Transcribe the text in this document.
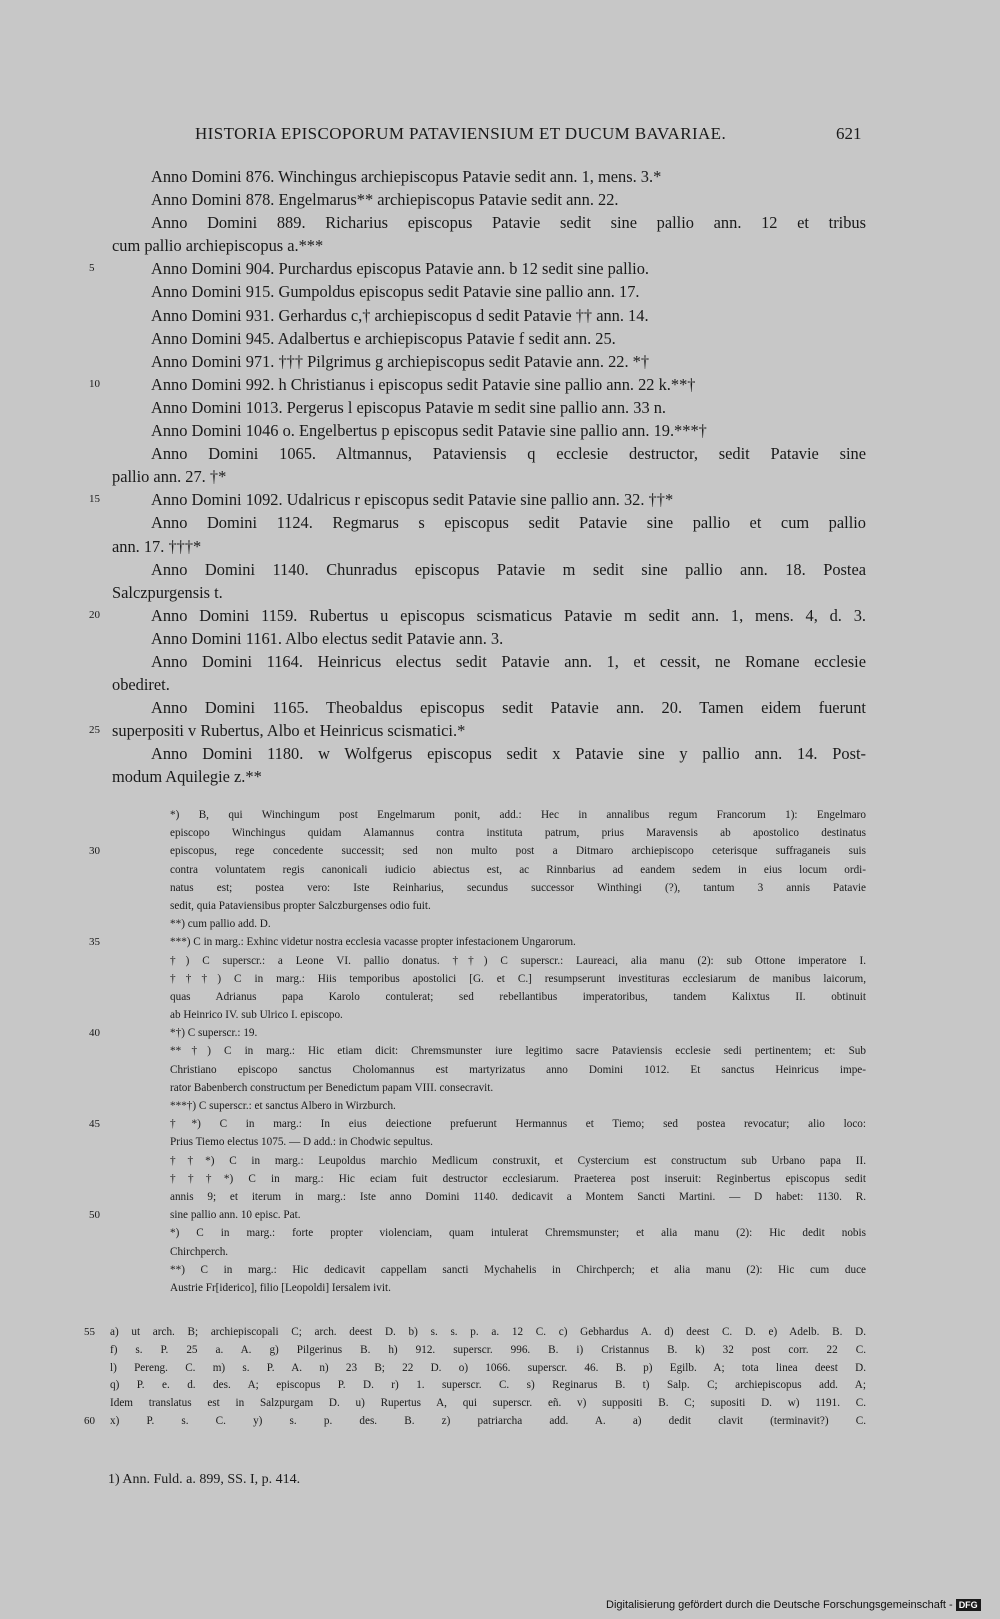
HISTORIA EPISCOPORUM PATAVIENSIUM ET DUCUM BAVARIAE.	621
Anno Domini 876. Winchingus archiepiscopus Patavie sedit ann. 1, mens. 3.*
Anno Domini 878. Engelmarus** archiepiscopus Patavie sedit ann. 22.
Anno Domini 889. Richarius episcopus Patavie sedit sine pallio ann. 12 et tribus
cum pallio archiepiscopus a.***
5	Anno Domini 904. Purchardus episcopus Patavie ann. b 12 sedit sine pallio.
Anno Domini 915. Gumpoldus episcopus sedit Patavie sine pallio ann. 17.
Anno Domini 931. Gerhardus c,† archiepiscopus d sedit Patavie †† ann. 14.
Anno Domini 945. Adalbertus e archiepiscopus Patavie f sedit ann. 25.
Anno Domini 971. ††† Pilgrimus g archiepiscopus sedit Patavie ann. 22. *†
10	Anno Domini 992. h Christianus i episcopus sedit Patavie sine pallio ann. 22 k.**†
Anno Domini 1013. Pergerus l episcopus Patavie m sedit sine pallio ann. 33 n.
Anno Domini 1046 o. Engelbertus p episcopus sedit Patavie sine pallio ann. 19.***†
Anno Domini 1065. Altmannus, Pataviensis q ecclesie destructor, sedit Patavie sine
pallio ann. 27. †*
15	Anno Domini 1092. Udalricus r episcopus sedit Patavie sine pallio ann. 32. ††*
Anno Domini 1124. Regmarus s episcopus sedit Patavie sine pallio et cum pallio
ann. 17. †††*
Anno Domini 1140. Chunradus episcopus Patavie m sedit sine pallio ann. 18. Postea
Salczpurgensis t.
20	Anno Domini 1159. Rubertus u episcopus scismaticus Patavie m sedit ann. 1, mens. 4, d. 3.
Anno Domini 1161. Albo electus sedit Patavie ann. 3.
Anno Domini 1164. Heinricus electus sedit Patavie ann. 1, et cessit, ne Romane ecclesie
obediret.
Anno Domini 1165. Theobaldus episcopus sedit Patavie ann. 20. Tamen eidem fuerunt
25 superpositi v Rubertus, Albo et Heinricus scismatici.*
Anno Domini 1180. w Wolfgerus episcopus sedit x Patavie sine y pallio ann. 14. Post-
modum Aquilegie z.**
*) B, qui Winchingum post Engelmarum ponit, add.: Hec in annalibus regum Francorum 1): Engelmaro
episcopo Winchingus quidam Alamannus contra instituta patrum, prius Maravensis ab apostolico destinatus
30	episcopus, rege concedente successit; sed non multo post a Ditmaro archiepiscopo ceterisque suffraganeis suis
contra voluntatem regis canonicali iudicio abiectus est, ac Rinnbarius ad eandem sedem in eius locum ordi-
natus est; postea vero: Iste Reinharius, secundus successor Winthingi (?), tantum 3 annis Patavie
sedit, quia Pataviensibus propter Salczburgenses odio fuit.
**) cum pallio add. D.
35	***) C in marg.: Exhinc videtur nostra ecclesia vacasse propter infestacionem Ungarorum.
†) C superscr.: a Leone VI. pallio donatus. ††) C superscr.: Laureaci, alia manu (2): sub Ottone imperatore I.
†††) C in marg.: Hiis temporibus apostolici [G. et C.] resumpserunt investituras ecclesiarum de manibus laicorum,
quas Adrianus papa Karolo contulerat; sed rebellantibus imperatoribus, tandem Kalixtus II. obtinuit
ab Heinrico IV. sub Ulrico I. episcopo.
40	*†) C superscr.: 19.
**†) C in marg.: Hic etiam dicit: Chremsmunster iure legitimo sacre Pataviensis ecclesie sedi pertinentem; et: Sub
Christiano episcopo sanctus Cholomannus est martyrizatus anno Domini 1012. Et sanctus Heinricus impe-
rator Babenberch constructum per Benedictum papam VIII. consecravit.
***†) C superscr.: et sanctus Albero in Wirzburch.
45	†*) C in marg.: In eius deiectione prefuerunt Hermannus et Tiemo; sed postea revocatur; alio loco:
Prius Tiemo electus 1075. — D add.: in Chodwic sepultus.
††*) C in marg.: Leupoldus marchio Medlicum construxit, et Cystercium est constructum sub Urbano papa II.
†††*) C in marg.: Hic eciam fuit destructor ecclesiarum. Praeterea post inseruit: Reginbertus episcopus sedit
annis 9; et iterum in marg.: Iste anno Domini 1140. dedicavit a Montem Sancti Martini. — D habet: 1130. R.
50	sine pallio ann. 10 episc. Pat.
*) C in marg.: forte propter violenciam, quam intulerat Chremsmunster; et alia manu (2): Hic dedit nobis
Chirchperch.
**) C in marg.: Hic dedicavit cappellam sancti Mychahelis in Chirchperch; et alia manu (2): Hic cum duce
Austrie Fr[iderico], filio [Leopoldi] Iersalem ivit.
55 a) ut arch. B; archiepiscopali C; arch. deest D. b) s. s. p. a. 12 C. c) Gebhardus A. d) deest C. D. e) Adelb. B. D.
f) s. P. 25 a. A. g) Pilgerinus B. h) 912. superscr. 996. B. i) Cristannus B. k) 32 post corr. 22 C.
l) Pereng. C. m) s. P. A. n) 23 B; 22 D. o) 1066. superscr. 46. B. p) Egilb. A; tota linea deest D.
q) P. e. d. des. A; episcopus P. D. r) 1. superscr. C. s) Reginarus B. t) Salp. C; archiepiscopus add. A;
Idem translatus est in Salzpurgam D. u) Rupertus A, qui superscr. eñ. v) suppositi B. C; supositi D. w) 1191. C.
60 x) P. s. C. y) s. p. des. B. z) patriarcha add. A. a) dedit clavit (terminavit?) C.
1) Ann. Fuld. a. 899, SS. I, p. 414.
Digitalisierung gefördert durch die Deutsche Forschungsgemeinschaft - DFG
